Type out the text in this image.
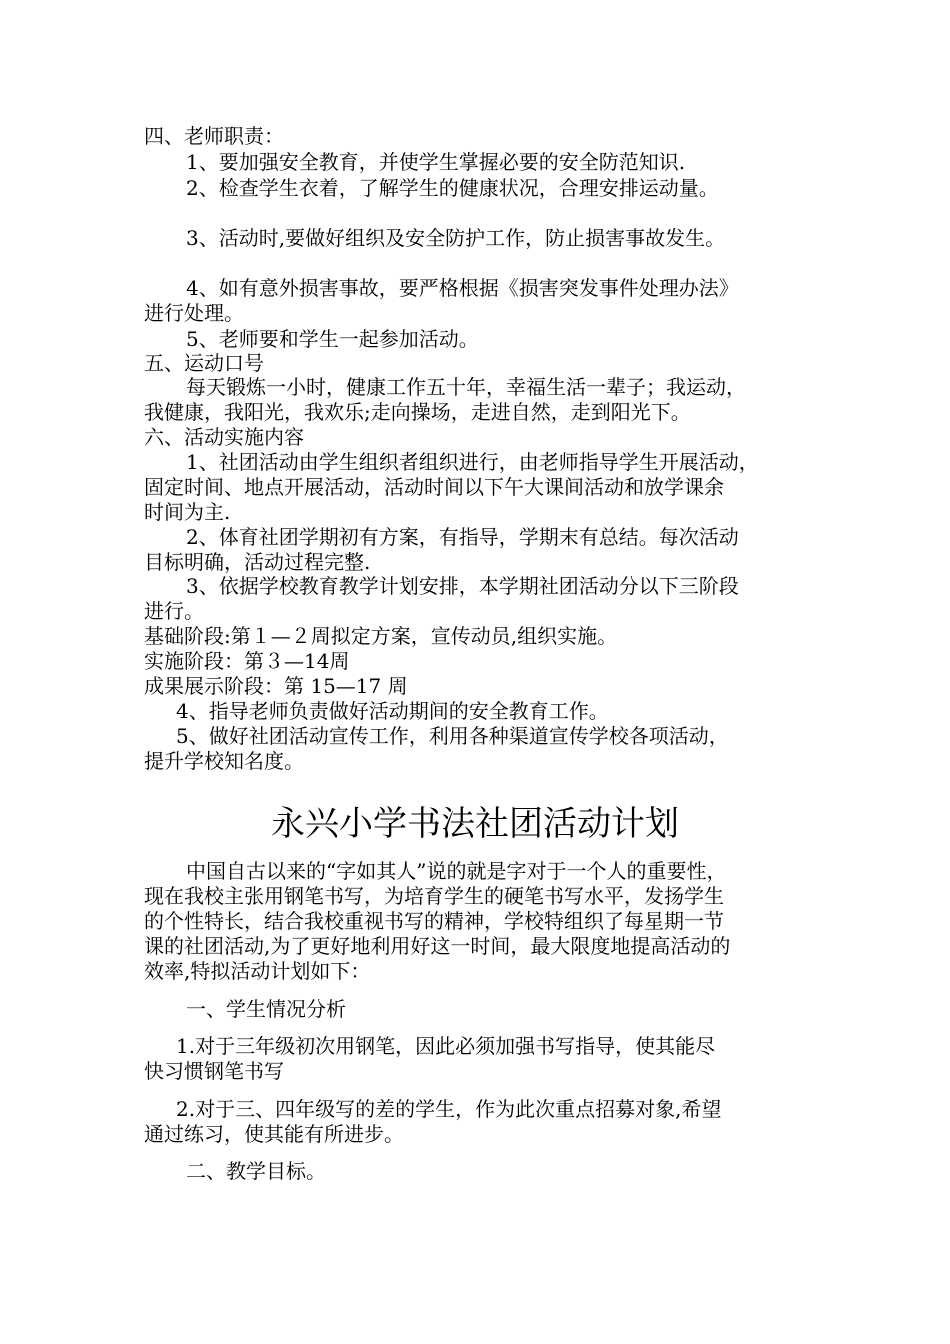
四、老师职责：
1、要加强安全教育，并使学生掌握必要的安全防范知识.
2、检查学生衣着，了解学生的健康状况，合理安排运动量。
3、活动时,要做好组织及安全防护工作，防止损害事故发生。
4、如有意外损害事故，要严格根据《损害突发事件处理办法》
进行处理。
5、老师要和学生一起参加活动。
五、运动口号
每天锻炼一小时，健康工作五十年，幸福生活一辈子；我运动，
我健康，我阳光，我欢乐;走向操场，走进自然，走到阳光下。
六、活动实施内容
1、社团活动由学生组织者组织进行，由老师指导学生开展活动，
固定时间、地点开展活动，活动时间以下午大课间活动和放学课余
时间为主.
2、体育社团学期初有方案，有指导，学期末有总结。每次活动
目标明确，活动过程完整.
3、依据学校教育教学计划安排，本学期社团活动分以下三阶段
进行。
基础阶段:第１—２周拟定方案，宣传动员,组织实施。
实施阶段：第３—14周
成果展示阶段：第 15—17 周
4、指导老师负责做好活动期间的安全教育工作。
5、做好社团活动宣传工作，利用各种渠道宣传学校各项活动，
提升学校知名度。
永兴小学书法社团活动计划
中国自古以来的“字如其人”说的就是字对于一个人的重要性，
现在我校主张用钢笔书写，为培育学生的硬笔书写水平，发扬学生
的个性特长，结合我校重视书写的精神，学校特组织了每星期一节
课的社团活动,为了更好地利用好这一时间，最大限度地提高活动的
效率,特拟活动计划如下：
一、学生情况分析
1.对于三年级初次用钢笔，因此必须加强书写指导，使其能尽
快习惯钢笔书写
2.对于三、四年级写的差的学生，作为此次重点招募对象,希望
通过练习，使其能有所进步。
二、教学目标。
